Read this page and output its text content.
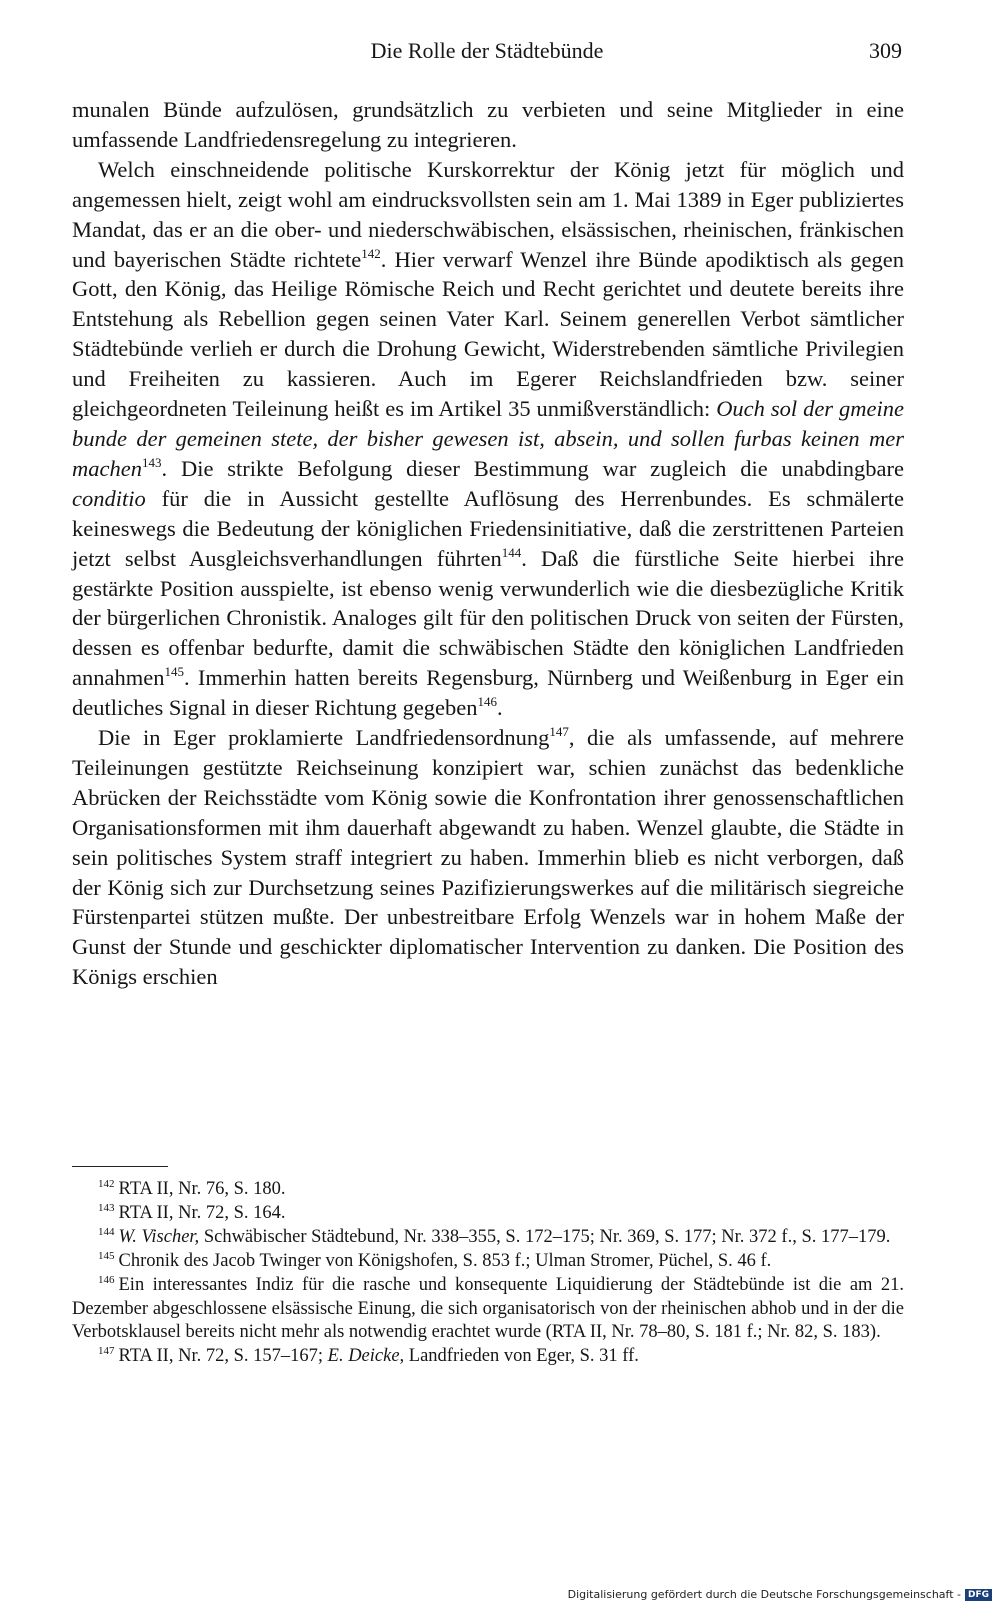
Die Rolle der Städtebünde	309

munalen Bünde aufzulösen, grundsätzlich zu verbieten und seine Mitglieder in eine umfassende Landfriedensregelung zu integrieren.

Welch einschneidende politische Kurskorrektur der König jetzt für möglich und angemessen hielt, zeigt wohl am eindrucksvollsten sein am 1. Mai 1389 in Eger publiziertes Mandat, das er an die ober- und niederschwäbischen, elsässischen, rheinischen, fränkischen und bayerischen Städte richtete$^{142}$. Hier verwarf Wenzel ihre Bünde apodiktisch als gegen Gott, den König, das Heilige Römische Reich und Recht gerichtet und deutete bereits ihre Entstehung als Rebellion gegen seinen Vater Karl. Seinem generellen Verbot sämtlicher Städtebünde verlieh er durch die Drohung Gewicht, Widerstrebenden sämtliche Privilegien und Freiheiten zu kassieren. Auch im Egerer Reichslandfrieden bzw. seiner gleichgeordneten Teileinung heißt es im Artikel 35 unmißverständlich: Ouch sol der gmeine bunde der gemeinen stete, der bisher gewesen ist, absein, und sollen furbas keinen mer machen$^{143}$. Die strikte Befolgung dieser Bestimmung war zugleich die unabdingbare conditio für die in Aussicht gestellte Auflösung des Herrenbundes. Es schmälerte keineswegs die Bedeutung der königlichen Friedensinitiative, daß die zerstrittenen Parteien jetzt selbst Ausgleichsverhandlungen führten$^{144}$. Daß die fürstliche Seite hierbei ihre gestärkte Position ausspielte, ist ebenso wenig verwunderlich wie die diesbezügliche Kritik der bürgerlichen Chronistik. Analoges gilt für den politischen Druck von seiten der Fürsten, dessen es offenbar bedurfte, damit die schwäbischen Städte den königlichen Landfrieden annahmen$^{145}$. Immerhin hatten bereits Regensburg, Nürnberg und Weißenburg in Eger ein deutliches Signal in dieser Richtung gegeben$^{146}$.

Die in Eger proklamierte Landfriedensordnung$^{147}$, die als umfassende, auf mehrere Teileinungen gestützte Reichseinung konzipiert war, schien zunächst das bedenkliche Abrücken der Reichsstädte vom König sowie die Konfrontation ihrer genossenschaftlichen Organisationsformen mit ihm dauerhaft abgewandt zu haben. Wenzel glaubte, die Städte in sein politisches System straff integriert zu haben. Immerhin blieb es nicht verborgen, daß der König sich zur Durchsetzung seines Pazifizierungswerkes auf die militärisch siegreiche Fürstenpartei stützen mußte. Der unbestreitbare Erfolg Wenzels war in hohem Maße der Gunst der Stunde und geschickter diplomatischer Intervention zu danken. Die Position des Königs erschien

$^{142}$ RTA II, Nr. 76, S. 180.

$^{143}$ RTA II, Nr. 72, S. 164.

$^{144}$ W. Vischer, Schwäbischer Städtebund, Nr. 338–355, S. 172–175; Nr. 369, S. 177; Nr. 372 f., S. 177–179.

$^{145}$ Chronik des Jacob Twinger von Königshofen, S. 853 f.; Ulman Stromer, Püchel, S. 46 f.

$^{146}$ Ein interessantes Indiz für die rasche und konsequente Liquidierung der Städtebünde ist die am 21. Dezember abgeschlossene elsässische Einung, die sich organisatorisch von der rheinischen abhob und in der die Verbotsklausel bereits nicht mehr als notwendig erachtet wurde (RTA II, Nr. 78–80, S. 181 f.; Nr. 82, S. 183).

$^{147}$ RTA II, Nr. 72, S. 157–167; E. Deicke, Landfrieden von Eger, S. 31 ff.

Digitalisierung gefördert durch die Deutsche Forschungsgemeinschaft - DFG
